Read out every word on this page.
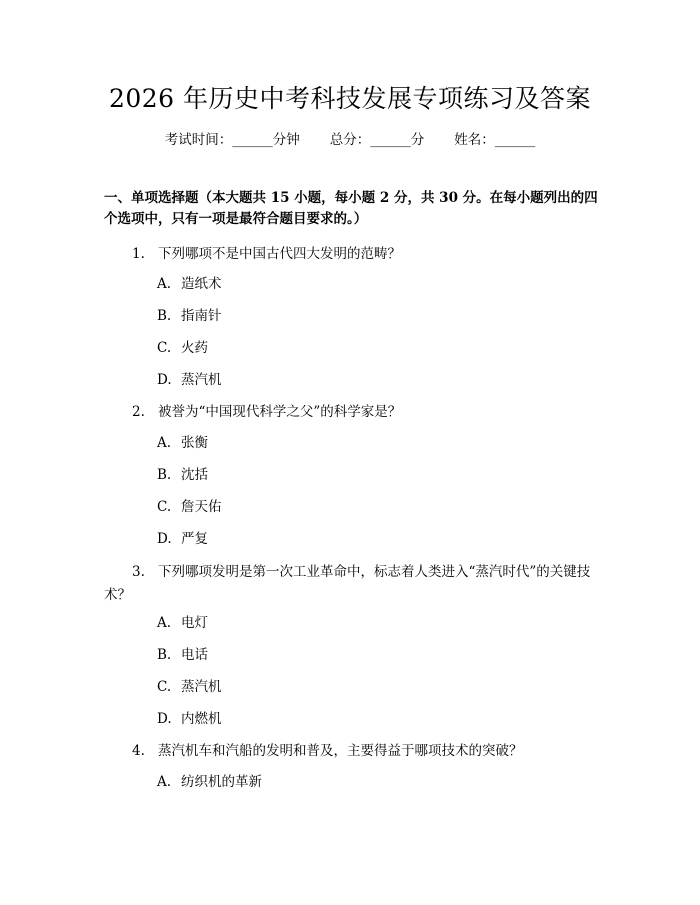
2026 年历史中考科技发展专项练习及答案
考试时间：______分钟 总分：______分 姓名：______
一、单项选择题（本大题共 15 小题，每小题 2 分，共 30 分。在每小题列出的四个选项中，只有一项是最符合题目要求的。）
1. 下列哪项不是中国古代四大发明的范畴？
A. 造纸术
B. 指南针
C. 火药
D. 蒸汽机
2. 被誉为“中国现代科学之父”的科学家是？
A. 张衡
B. 沈括
C. 詹天佑
D. 严复
3. 下列哪项发明是第一次工业革命中，标志着人类进入“蒸汽时代”的关键技术？
A. 电灯
B. 电话
C. 蒸汽机
D. 内燃机
4. 蒸汽机车和汽船的发明和普及，主要得益于哪项技术的突破？
A. 纺织机的革新
